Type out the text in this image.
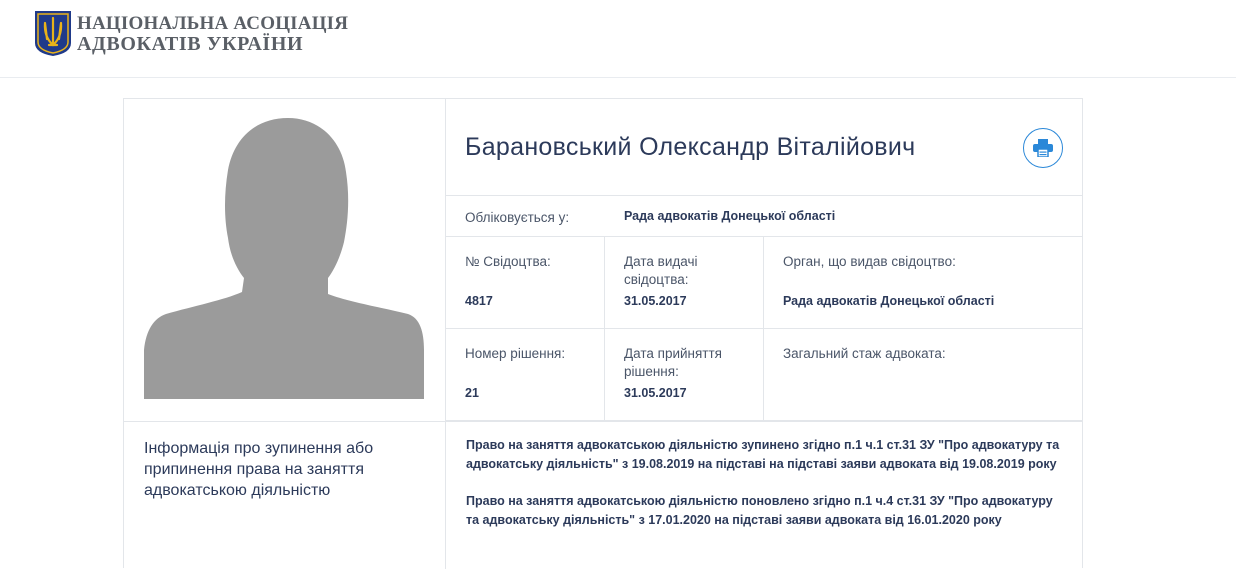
НАЦІОНАЛЬНА АСОЦІАЦІЯ
АДВОКАТІВ УКРАЇНИ
Барановський Олександр Віталійович
Обліковується у:	Рада адвокатів Донецької області
№ Свідоцтва:
4817
Дата видачі свідоцтва:
31.05.2017
Орган, що видав свідоцтво:
Рада адвокатів Донецької області
Номер рішення:
21
Дата прийняття рішення:
31.05.2017
Загальний стаж адвоката:
Інформація про зупинення або припинення права на заняття адвокатською діяльністю
Право на заняття адвокатською діяльністю зупинено згідно п.1 ч.1 ст.31 ЗУ "Про адвокатуру та адвокатську діяльність" з 19.08.2019 на підставі на підставі заяви адвоката від 19.08.2019 року
Право на заняття адвокатською діяльністю поновлено згідно п.1 ч.4 ст.31 ЗУ "Про адвокатуру та адвокатську діяльність" з 17.01.2020 на підставі заяви адвоката від 16.01.2020 року
